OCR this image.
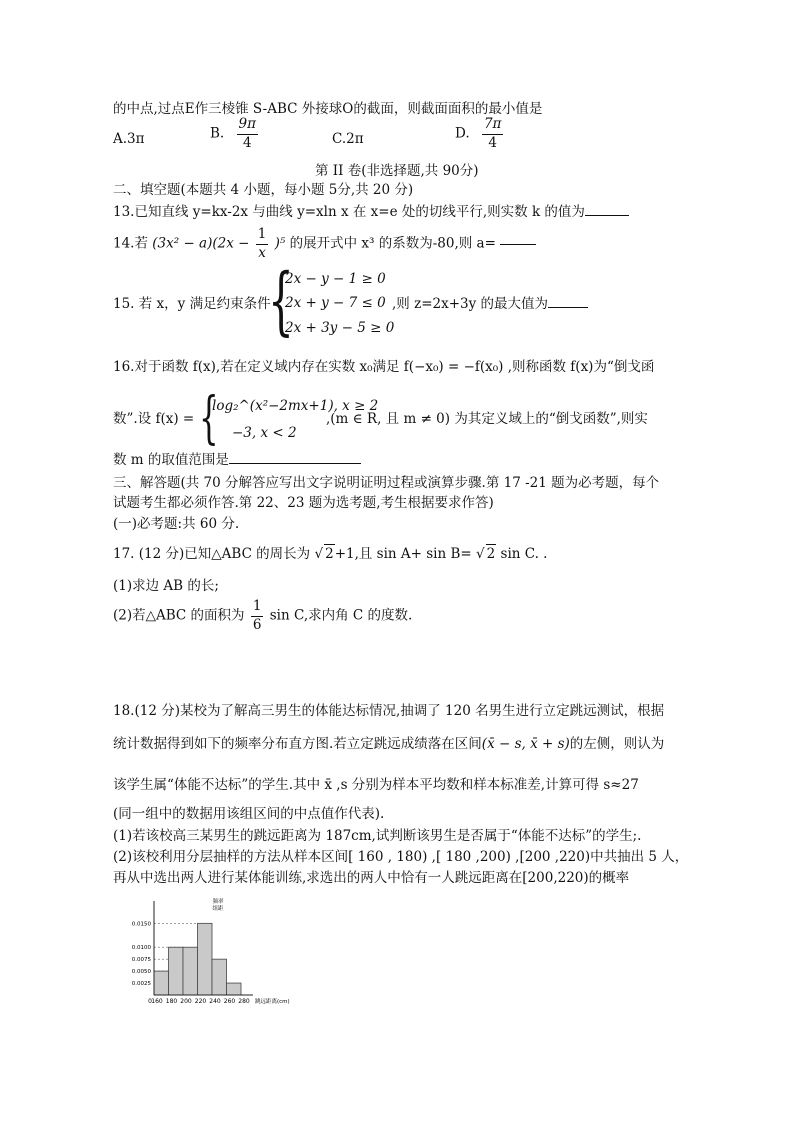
的中点,过点E作三棱锥 S-ABC 外接球O的截面，则截面面积的最小值是
A.3π	B. $\frac{9\pi}{4}$	C.2π	D. $\frac{7\pi}{4}$
第 II 卷(非选择题,共 90分)
二、填空题(本题共 4 小题，每小题 5分,共 20 分)
13.已知直线 y=kx-2x 与曲线 y=xln x 在 x=e 处的切线平行,则实数 k 的值为
14.若 $(3x^2 - a)(2x - \frac{1}{x} )^5$ 的展开式中 x³ 的系数为-80,则 a=
15. 若 x，y 满足约束条件
{
2x − y − 1 ≥ 0
2x + y − 7 ≤ 0
2x + 3y − 5 ≥ 0
,则 z=2x+3y 的最大值为
16.对于函数 f(x),若在定义域内存在实数 x₀满足 f(−x₀) = −f(x₀) ,则称函数 f(x)为“倒戈函
数”.设 f(x) = {
log₂^(x²−2mx+1), x ≥ 2
−3, x < 2
,(m ∈ R, 且 m ≠ 0) 为其定义域上的“倒戈函数”,则实
数 m 的取值范围是
三、解答题(共 70 分解答应写出文字说明证明过程或演算步骤.第 17 -21 题为必考题，每个
试题考生都必须作答.第 22、23 题为选考题,考生根据要求作答)
(一)必考题:共 60 分.
17. (12 分)已知△ABC 的周长为 √ 2+1,且 sin A+ sin B= √ 2 sin C. .
(1)求边 AB 的长;
(2)若△ABC 的面积为 $\frac{1}{6}$ sin C,求内角 C 的度数.
18.(12 分)某校为了解高三男生的体能达标情况,抽调了 120 名男生进行立定跳远测试，根据
统计数据得到如下的频率分布直方图.若立定跳远成绩落在区间(x̄ − s, x̄ + s)的左侧，则认为
该学生属“体能不达标”的学生.其中 x̄ ,s 分别为样本平均数和样本标准差,计算可得 s≈27
(同一组中的数据用该组区间的中点值作代表).
(1)若该校高三某男生的跳远距离为 187cm,试判断该男生是否属于“体能不达标”的学生;.
(2)该校利用分层抽样的方法从样本区间[ 160 , 180) ,[ 180 ,200) ,[200 ,220)中共抽出 5 人，
再从中选出两人进行某体能训练,求选出的两人中恰有一人跳远距离在[200,220)的概率
0.0150
0.0100
0.0075
0.0050
0.0025
频率
组距
0 160 180 200 220 240 260 280 跳远距离(cm)
